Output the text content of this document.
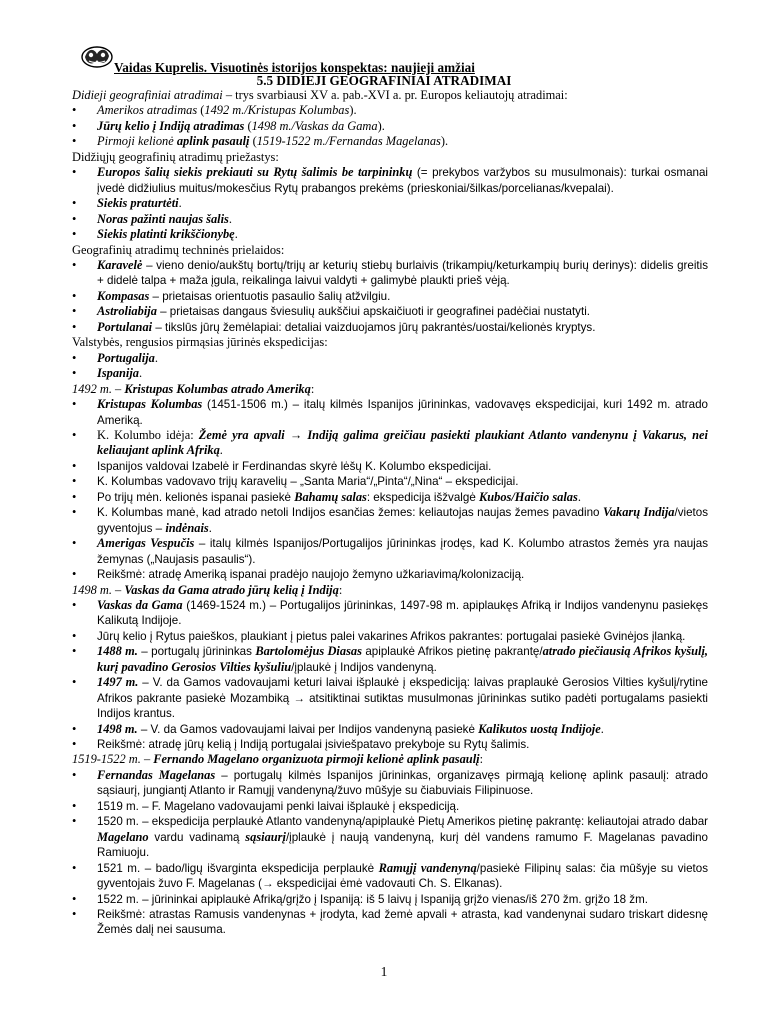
Vaidas Kuprelis. Visuotinės istorijos konspektas: naujieji amžiai
5.5 DIDIEJI GEOGRAFINIAI ATRADIMAI
Didieji geografiniai atradimai – trys svarbiausi XV a. pab.-XVI a. pr. Europos keliautojų atradimai:
• Amerikos atradimas (1492 m./Kristupas Kolumbas).
• Jūrų kelio į Indiją atradimas (1498 m./Vaskas da Gama).
• Pirmoji kelionė aplink pasaulį (1519-1522 m./Fernandas Magelanas).
Didžiųjų geografinių atradimų priežastys:
• Europos šalių siekis prekiauti su Rytų šalimis be tarpininkų (= prekybos varžybos su musulmonais): turkai osmanai įvedė didžiulius muitus/mokesčius Rytų prabangos prekėms (prieskoniai/šilkas/porcelianas/kvepalai).
• Siekis praturtėti.
• Noras pažinti naujas šalis.
• Siekis platinti krikščionybę.
Geografinių atradimų techninės prielaidos:
• Karavelė – vieno denio/aukštų bortų/trijų ar keturių stiebų burlaivis (trikampių/keturkampių burių derinys): didelis greitis + didelė talpa + maža įgula, reikalinga laivui valdyti + galimybė plaukti prieš vėją.
• Kompasas – prietaisas orientuotis pasaulio šalių atžvilgiu.
• Astroliabija – prietaisas dangaus šviesulių aukščiui apskaičiuoti ir geografinei padėčiai nustatyti.
• Portulanai – tikslūs jūrų žemėlapiai: detaliai vaizduojamos jūrų pakrantės/uostai/kelionės kryptys.
Valstybės, rengusios pirmąsias jūrinės ekspedicijas:
• Portugalija.
• Ispanija.
1492 m. – Kristupas Kolumbas atrado Ameriką:
• Kristupas Kolumbas (1451-1506 m.) – italų kilmės Ispanijos jūrininkas, vadovavęs ekspedicijai, kuri 1492 m. atrado Ameriką.
• K. Kolumbo idėja: Žemė yra apvali → Indiją galima greičiau pasiekti plaukiant Atlanto vandenynu į Vakarus, nei keliaujant aplink Afriką.
• Ispanijos valdovai Izabelė ir Ferdinandas skyrė lėšų K. Kolumbo ekspedicijai.
• K. Kolumbas vadovavo trijų karavelių – „Santa Maria“/„Pinta“/„Nina“ – ekspedicijai.
• Po trijų mėn. kelionės ispanai pasiekė Bahamų salas: ekspedicija išžvalgė Kubos/Haičio salas.
• K. Kolumbas manė, kad atrado netoli Indijos esančias žemes: keliautojas naujas žemes pavadino Vakarų Indija/vietos gyventojus – indėnais.
• Amerigas Vespučis – italų kilmės Ispanijos/Portugalijos jūrininkas įrodęs, kad K. Kolumbo atrastos žemės yra naujas žemynas („Naujasis pasaulis“).
• Reikšmė: atradę Ameriką ispanai pradėjo naujojo žemyno užkariavimą/kolonizaciją.
1498 m. – Vaskas da Gama atrado jūrų kelią į Indiją:
• Vaskas da Gama (1469-1524 m.) – Portugalijos jūrininkas, 1497-98 m. apiplaukęs Afriką ir Indijos vandenynu pasiekęs Kalikutą Indijoje.
• Jūrų kelio į Rytus paieškos, plaukiant į pietus palei vakarines Afrikos pakrantes: portugalai pasiekė Gvinėjos įlanką.
• 1488 m. – portugalų jūrininkas Bartolomėjus Diasas apiplaukė Afrikos pietinę pakrantę/atrado piečiausią Afrikos kyšulį, kurį pavadino Gerosios Vilties kyšuliu/įplaukė į Indijos vandenyną.
• 1497 m. – V. da Gamos vadovaujami keturi laivai išplaukė į ekspediciją: laivas praplaukė Gerosios Vilties kyšulį/rytine Afrikos pakrante pasiekė Mozambiką → atsitiktinai sutiktas musulmonas jūrininkas sutiko padėti portugalams pasiekti Indijos krantus.
• 1498 m. – V. da Gamos vadovaujami laivai per Indijos vandenyną pasiekė Kalikutos uostą Indijoje.
• Reikšmė: atradę jūrų kelią į Indiją portugalai įsiviešpatavo prekyboje su Rytų šalimis.
1519-1522 m. – Fernando Magelano organizuota pirmoji kelionė aplink pasaulį:
• Fernandas Magelanas – portugalų kilmės Ispanijos jūrininkas, organizavęs pirmąją kelionę aplink pasaulį: atrado sąsiaurį, jungiantį Atlanto ir Ramųjį vandenyną/žuvo mūšyje su čiabuviais Filipinuose.
• 1519 m. – F. Magelano vadovaujami penki laivai išplaukė į ekspediciją.
• 1520 m. – ekspedicija perplaukė Atlanto vandenyną/apiplaukė Pietų Amerikos pietinę pakrantę: keliautojai atrado dabar Magelano vardu vadinamą sąsiaurį/įplaukė į naują vandenyną, kurį dėl vandens ramumo F. Magelanas pavadino Ramiuoju.
• 1521 m. – bado/ligų išvarginta ekspedicija perplaukė Ramųjį vandenyną/pasiekė Filipinų salas: čia mūšyje su vietos gyventojais žuvo F. Magelanas (→ ekspedicijai ėmė vadovauti Ch. S. Elkanas).
• 1522 m. – jūrininkai apiplaukė Afriką/grįžo į Ispaniją: iš 5 laivų į Ispaniją grįžo vienas/iš 270 žm. grįžo 18 žm.
• Reikšmė: atrastas Ramusis vandenynas + įrodyta, kad žemė apvali + atrasta, kad vandenynai sudaro triskart didesnę Žemės dalį nei sausuma.
1
